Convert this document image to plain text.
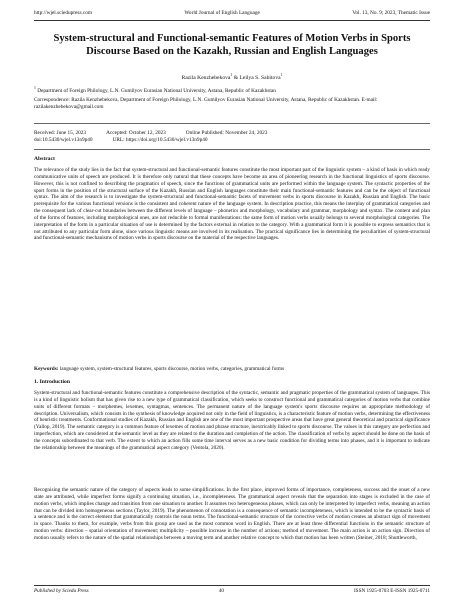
http://wjel.sciedupress.com	World Journal of English Language	Vol. 13, No. 9; 2023, Thematic Issue
System-structural and Functional-semantic Features of Motion Verbs in Sports Discourse Based on the Kazakh, Russian and English Languages
Razila Kenzhebekova$^1$ & Leilya S. Sabitova$^1$
$^1$ Department of Foreign Philology, L.N. Gumilyov Eurasian National University, Astana, Republic of Kazakhstan
Correspondence: Razila Kenzhebekova, Department of Foreign Philology, L.N. Gumilyov Eurasian National University, Astana, Republic of Kazakhstan. E-mail: razilakenzhebekova@gmail.com
Received: June 15, 2023	Accepted: October 12, 2023	Online Published: November 24, 2023
doi:10.5430/wjel.v13n9p40	URL: https://doi.org/10.5430/wjel.v13n9p40
Abstract

The relevance of the study lies in the fact that system-structural and functional-semantic features constitute the most important part of the linguistic system – a kind of basis in which ready communicative units of speech are produced. It is therefore only natural that these concepts have become an area of pioneering research in the functional linguistics of sports discourse. However, this is not confined to describing the pragmatics of speech, since the functions of grammatical units are performed within the language system. The syntactic properties of the sport forms in the position of the structural surface of the Kazakh, Russian and English languages constitute their main functional-semantic features and can be the object of functional syntax. The aim of the research is to investigate the system-structural and functional-semantic facets of movement verbs in sports discourse in Kazakh, Russian and English. The basic prerequisite for the various functional versions is the consistent and coherent nature of the language system. In description practice, this means the interplay of grammatical categories and the consequent lack of clear-cut boundaries between the different levels of language – phonetics and morphology, vocabulary and grammar, morphology and syntax. The content and plan of the forms of features, including morphological ones, are not reducible to formal manifestations: the same form of motion verbs usually belongs to several morphological categories. The interpretation of the form in a particular situation of use is determined by the factors external in relation to the category. With a grammatical form it is possible to express semantics that is not attributed to any particular form alone, since various linguistic means are involved in its realisation. The practical significance lies in determining the peculiarities of system-structural and functional-semantic mechanisms of motion verbs in sports discourse on the material of the respective languages.

Keywords: language system, system-structural features, sports discourse, motion verbs, categories, grammatical forms
1. Introduction

System-structural and functional-semantic features constitute a comprehensive description of the syntactic, semantic and pragmatic properties of the grammatical system of languages. This is a kind of linguistic holism that has given rise to a new type of grammatical classification, which seeks to construct functional and grammatical categories of motion verbs that combine units of different formats – morphemes, lexemes, syntagmas, sentences. The permanent nature of the language system's sports discourse requires an appropriate methodology of description. Universalism, which consists in the synthesis of knowledge acquired not only in the field of linguistics, is a characteristic feature of motion verbs, determining the effectiveness of heuristic treatments. Conformational studies of Kazakh, Russian and English are one of the most important prospective areas that have great general theoretical and practical significance (Yallop, 2019). The semantic category is a common feature of lexemes of motion and phrase structure, inextricably linked to sports discourse. The values in this category are perfection and imperfection, which are considered at the semantic level as they are related to the duration and completion of the action. The classification of verbs by aspect should be done on the basis of the concepts subordinated to that verb. The extent to which an action fills some time interval serves as a new basic condition for dividing terms into phases, and it is important to indicate the relationship between the meanings of the grammatical aspect category (Ventola, 2020).

Recognising the semantic nature of the category of aspects leads to some simplifications. In the first place, improved forms of importance, completeness, success and the onset of a new state are attributed, while imperfect forms signify a continuing situation, i.e., incompleteness. The grammatical aspect reveals that the separation into stages is excluded in the case of motion verbs, which implies change and transition from one situation to another. It assumes two heterogeneous phases, which can only be interpreted by imperfect verbs, meaning an action that can be divided into homogeneous sections (Taylor, 2019). The phenomenon of connotation is a consequence of semantic incompleteness, which is intended to be the syntactic basis of a sentence and is the correct element that grammatically controls the noun terms. The functional-semantic structure of the corrective verbs of motion creates an abstract sign of movement in space. Thanks to them, for example, verbs from this group are used as the most common word in English. There are at least three differential functions in the semantic structure of motion verbs: direction – spatial orientation of movement; multiplicity – possible increase in the number of actions; method of movement. The main action is an action sign. Direction of motion usually refers to the nature of the spatial relationships between a moving term and another relative concept to which that motion has been written (Steiner, 2018; Shuttleworth,

Published by Sciedu Press	40	ISSN 1925-0703 E-ISSN 1925-0711
